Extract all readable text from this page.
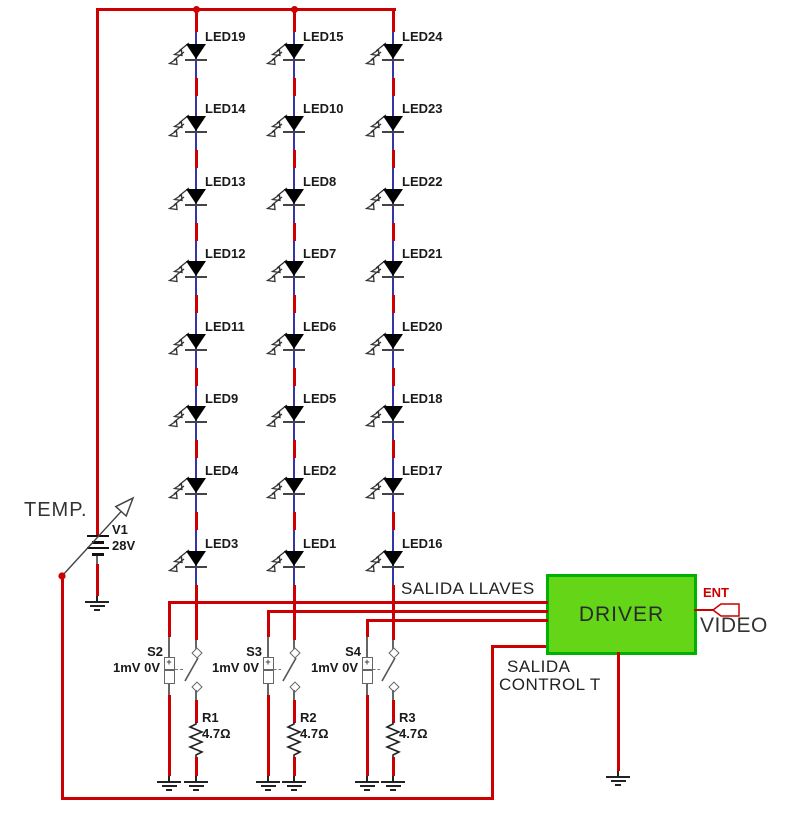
TEMP.
V1
28V
DRIVER
ENT
VIDEO
SALIDA LLAVES
SALIDA
CONTROL T
LED19
LED14
LED13
LED12
LED11
LED9
LED4
LED3
LED15
LED10
LED8
LED7
LED6
LED5
LED2
LED1
LED24
LED23
LED22
LED21
LED20
LED18
LED17
LED16
+
S2
1mV 0V
R1
4.7Ω
+
S3
1mV 0V
R2
4.7Ω
+
S4
1mV 0V
R3
4.7Ω
